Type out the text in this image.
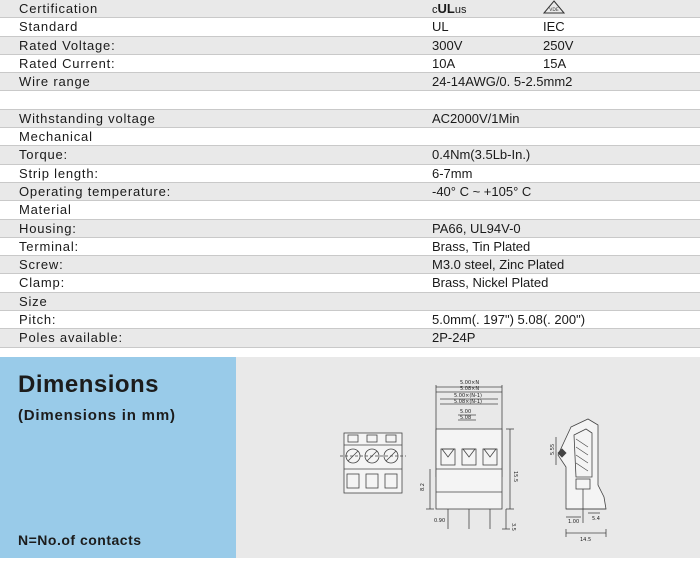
Certification	cULus	VDE
Standard	UL	IEC
Rated Voltage:	300V	250V
Rated Current:	10A	15A
Wire range	24-14AWG/0. 5-2.5mm2
Withstanding voltage	AC2000V/1Min
Mechanical
Torque:	0.4Nm(3.5Lb-In.)
Strip length:	6-7mm
Operating temperature:	-40° C ~ +105° C
Material
Housing:	PA66, UL94V-0
Terminal:	Brass, Tin Plated
Screw:	M3.0 steel, Zinc Plated
Clamp:	Brass, Nickel Plated
Size
Pitch:	5.0mm(. 197") 5.08(. 200")
Poles available:	2P-24P
Dimensions
(Dimensions in mm)
N=No.of contacts
5.00×N
5.08×N
5.00×(N-1)
5.08×(N-1)
5.00
5.08
15.5
8.2
0.90
3.5
5.55
1.00	5.4
14.5
